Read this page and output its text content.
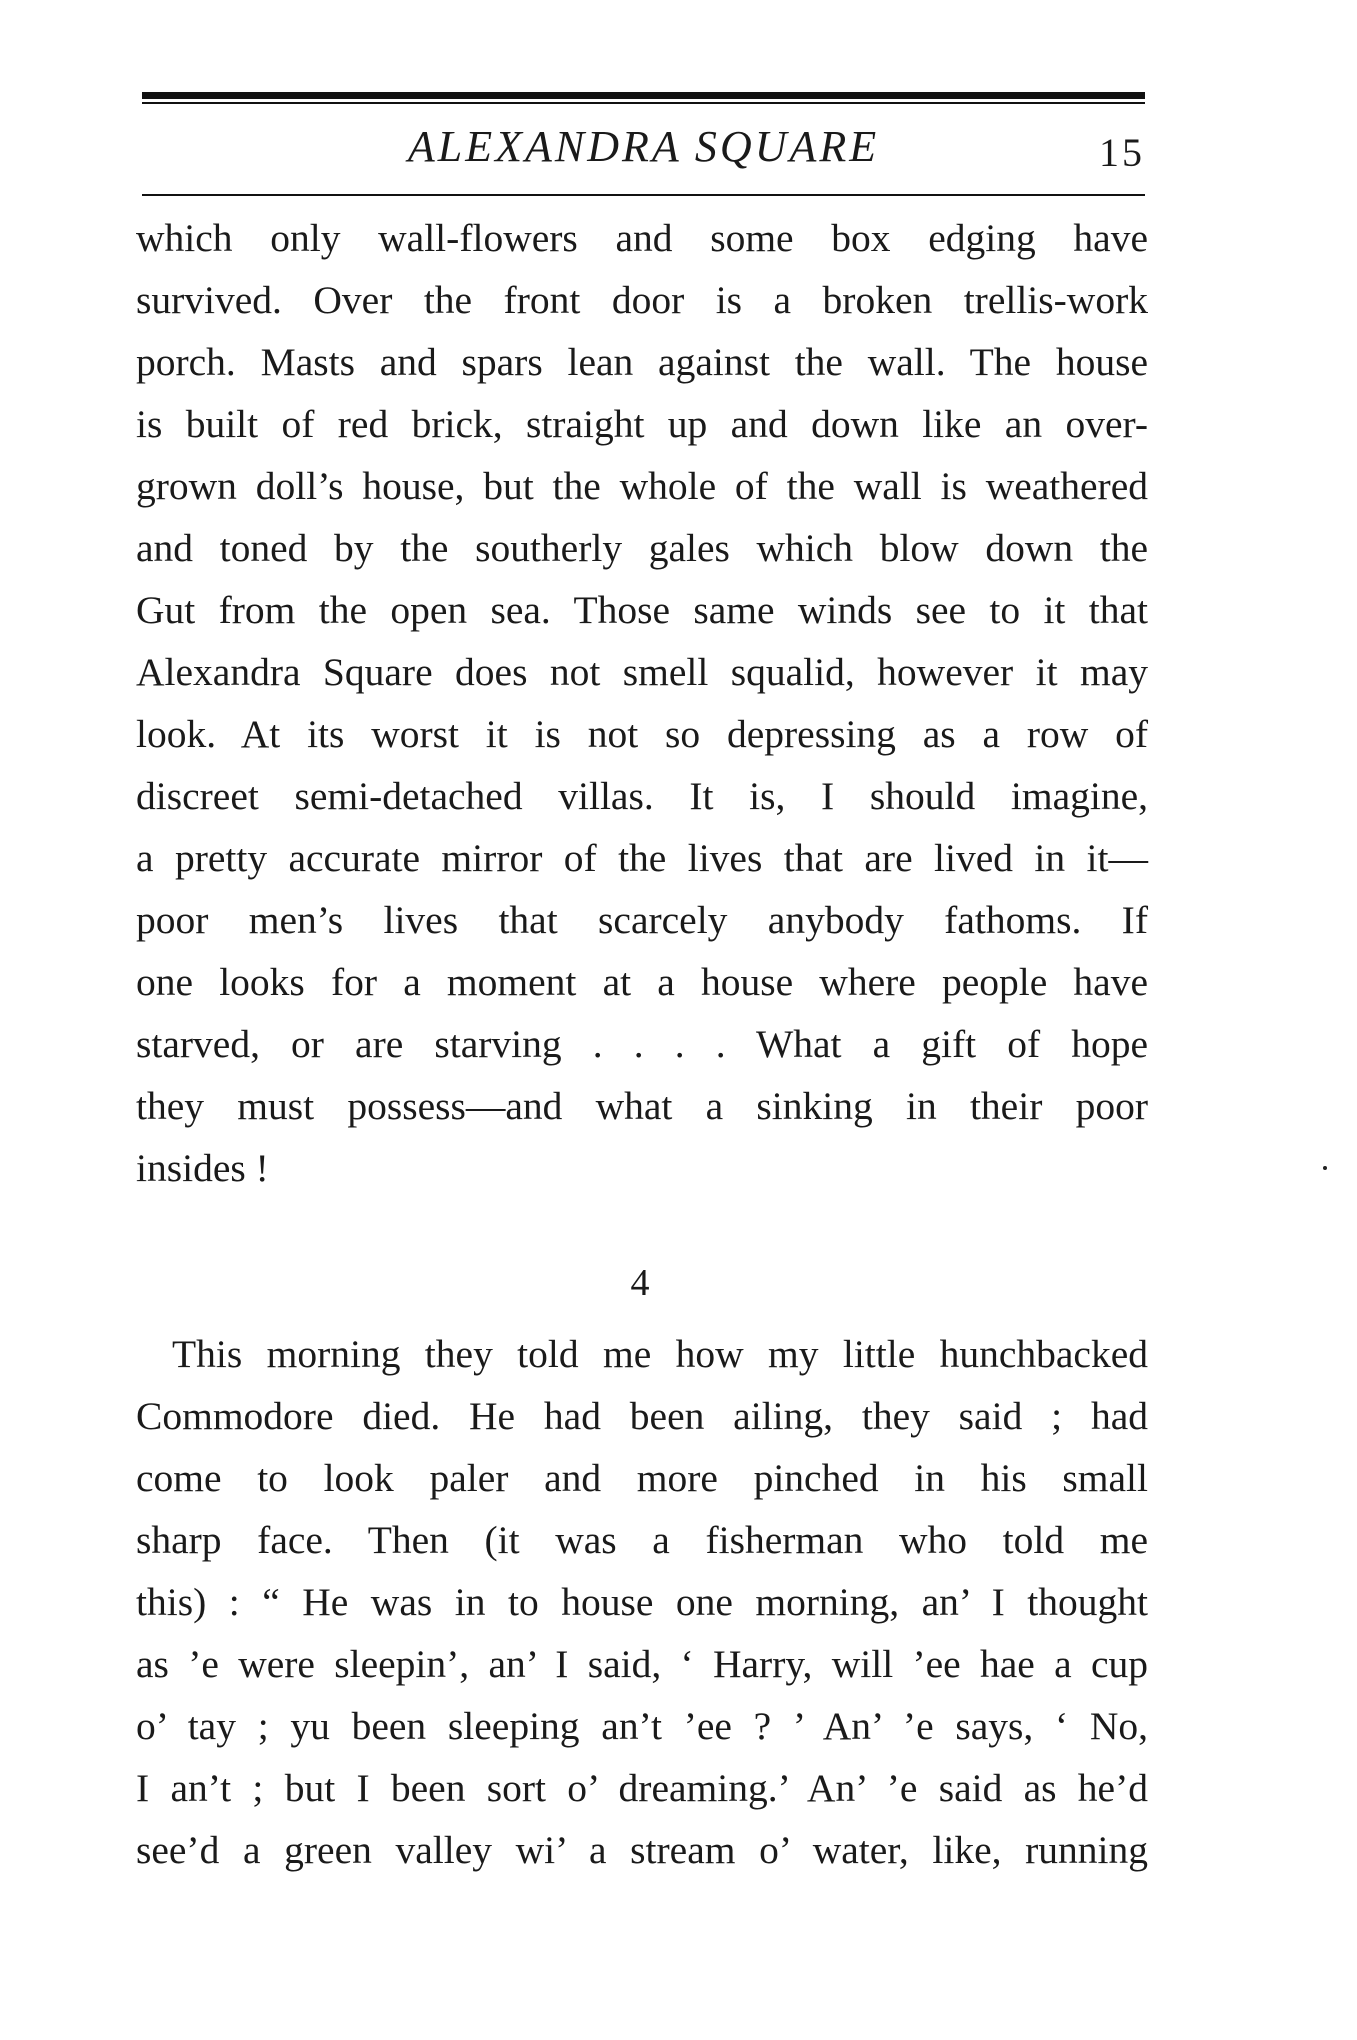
ALEXANDRA SQUARE	15
which only wall-flowers and some box edging have
survived. Over the front door is a broken trellis-work
porch. Masts and spars lean against the wall. The house
is built of red brick, straight up and down like an over-
grown doll’s house, but the whole of the wall is weathered
and toned by the southerly gales which blow down the
Gut from the open sea. Those same winds see to it that
Alexandra Square does not smell squalid, however it may
look. At its worst it is not so depressing as a row of
discreet semi-detached villas. It is, I should imagine,
a pretty accurate mirror of the lives that are lived in it—
poor men’s lives that scarcely anybody fathoms. If
one looks for a moment at a house where people have
starved, or are starving . . . . What a gift of hope
they must possess—and what a sinking in their poor
insides !
4
This morning they told me how my little hunchbacked
Commodore died. He had been ailing, they said ; had
come to look paler and more pinched in his small
sharp face. Then (it was a fisherman who told me
this) : “ He was in to house one morning, an’ I thought
as ’e were sleepin’, an’ I said, ‘ Harry, will ’ee hae a cup
o’ tay ; yu been sleeping an’t ’ee ? ’ An’ ’e says, ‘ No,
I an’t ; but I been sort o’ dreaming.’ An’ ’e said as he’d
see’d a green valley wi’ a stream o’ water, like, running
